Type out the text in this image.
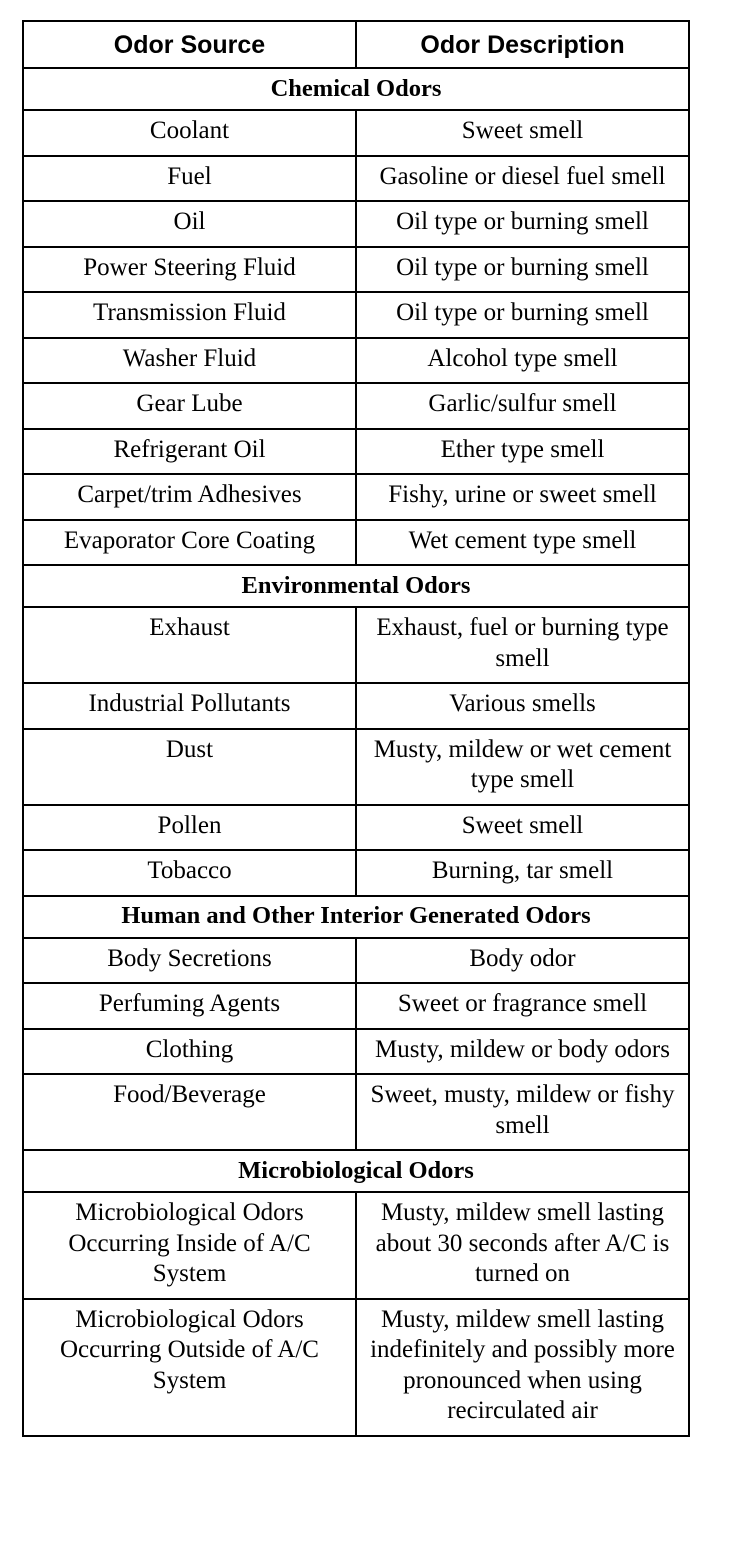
Odor Source	Odor Description
Chemical Odors	
Coolant	Sweet smell
Fuel	Gasoline or diesel fuel smell
Oil	Oil type or burning smell
Power Steering Fluid	Oil type or burning smell
Transmission Fluid	Oil type or burning smell
Washer Fluid	Alcohol type smell
Gear Lube	Garlic/sulfur smell
Refrigerant Oil	Ether type smell
Carpet/trim Adhesives	Fishy, urine or sweet smell
Evaporator Core Coating	Wet cement type smell
Environmental Odors	
Exhaust	Exhaust, fuel or burning type smell
Industrial Pollutants	Various smells
Dust	Musty, mildew or wet cement type smell
Pollen	Sweet smell
Tobacco	Burning, tar smell
Human and Other Interior Generated Odors	
Body Secretions	Body odor
Perfuming Agents	Sweet or fragrance smell
Clothing	Musty, mildew or body odors
Food/Beverage	Sweet, musty, mildew or fishy smell
Microbiological Odors	
Microbiological Odors Occurring Inside of A/C System	Musty, mildew smell lasting about 30 seconds after A/C is turned on
Microbiological Odors Occurring Outside of A/C System	Musty, mildew smell lasting indefinitely and possibly more pronounced when using recirculated air
